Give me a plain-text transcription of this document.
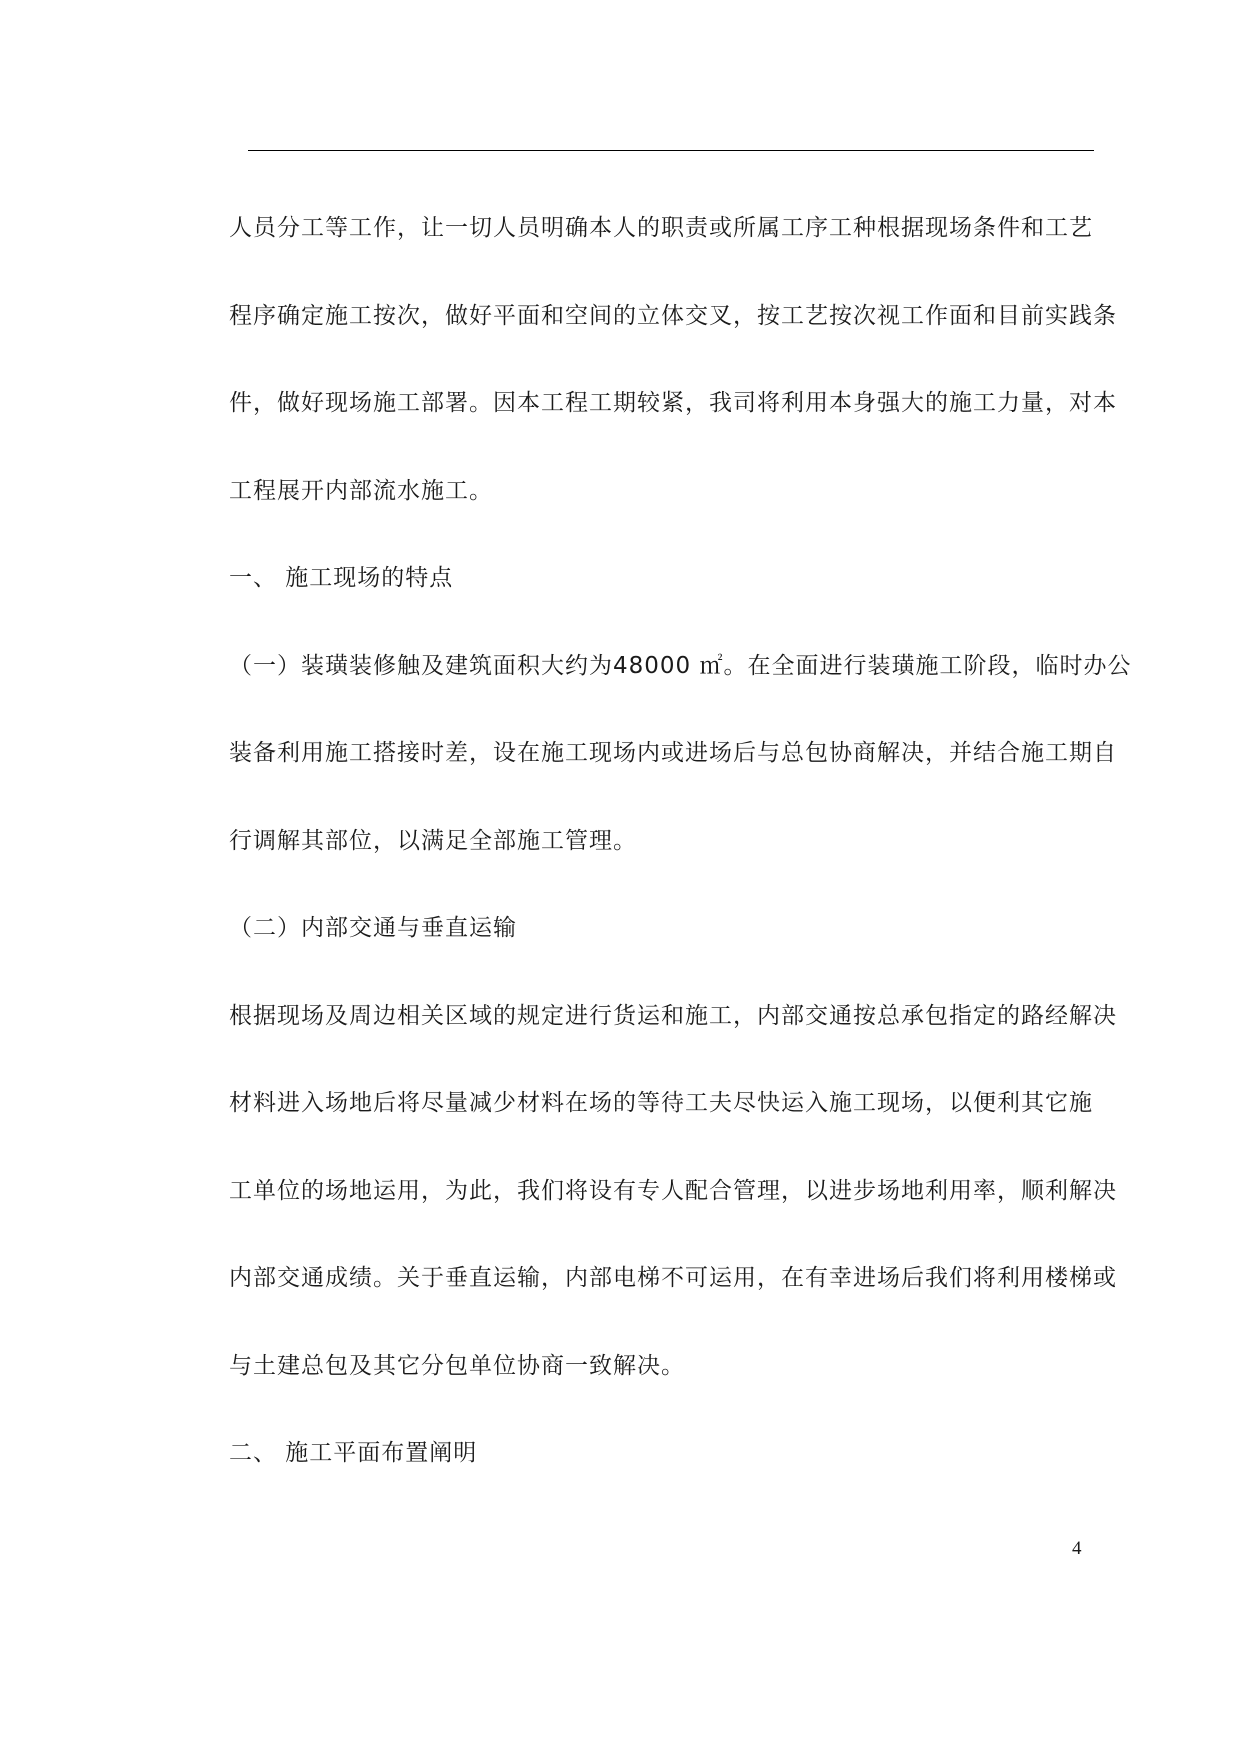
人员分工等工作，让一切人员明确本人的职责或所属工序工种根据现场条件和工艺
程序确定施工按次，做好平面和空间的立体交叉，按工艺按次视工作面和目前实践条
件，做好现场施工部署。因本工程工期较紧，我司将利用本身强大的施工力量，对本
工程展开内部流水施工。
一、 施工现场的特点
（一）装璜装修触及建筑面积大约为48000 ㎡。在全面进行装璜施工阶段，临时办公
装备利用施工搭接时差，设在施工现场内或进场后与总包协商解决，并结合施工期自
行调解其部位，以满足全部施工管理。
（二）内部交通与垂直运输
根据现场及周边相关区域的规定进行货运和施工，内部交通按总承包指定的路经解决
材料进入场地后将尽量减少材料在场的等待工夫尽快运入施工现场，以便利其它施
工单位的场地运用，为此，我们将设有专人配合管理，以进步场地利用率，顺利解决
内部交通成绩。关于垂直运输，内部电梯不可运用，在有幸进场后我们将利用楼梯或
与土建总包及其它分包单位协商一致解决。
二、 施工平面布置阐明
4
